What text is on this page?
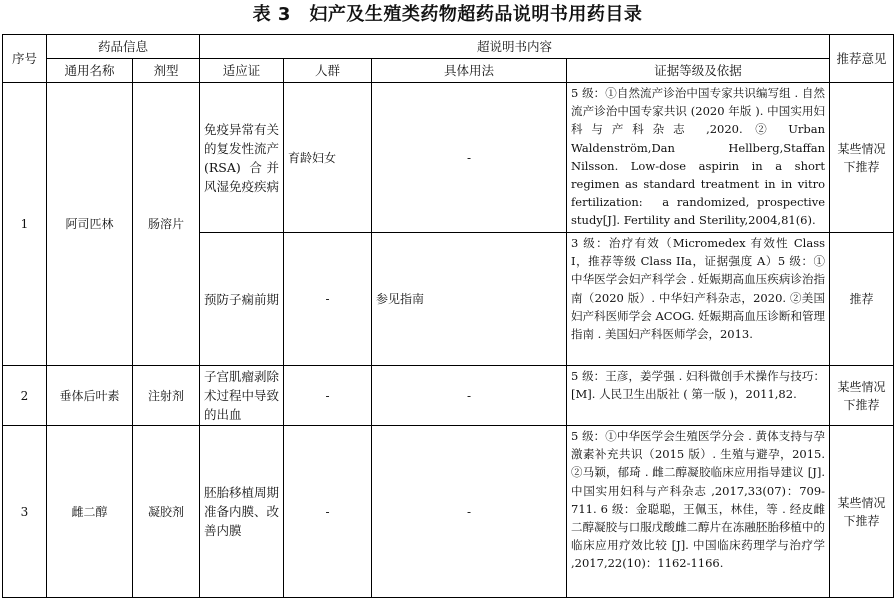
表 3　妇产及生殖类药物超药品说明书用药目录
序号	药品信息		超说明书内容				推荐意见
	通用名称	剂型	适应证	人群	具体用法	证据等级及依据	
1	阿司匹林	肠溶片	免疫异常有关的复发性流产 (RSA) 合并风湿免疫疾病	育龄妇女	-	5 级：①自然流产诊治中国专家共识编写组 . 自然流产诊治中国专家共识 (2020 年版 ). 中国实用妇科与产科杂志 ,2020. ② Urban Waldenström,Dan Hellberg,Staffan Nilsson. Low-dose aspirin in a short regimen as standard treatment in in vitro fertilization:　a randomized, prospective study[J]. Fertility and Sterility,2004,81(6).	某些情况下推荐
			预防子痫前期	-	参见指南	3 级：治疗有效（Micromedex 有效性 Class I，推荐等级 Class IIa，证据强度 A）5 级：①中华医学会妇产科学会 . 妊娠期高血压疾病诊治指南（2020 版）. 中华妇产科杂志，2020. ②美国妇产科医师学会 ACOG. 妊娠期高血压诊断和管理指南 . 美国妇产科医师学会，2013.	推荐
2	垂体后叶素	注射剂	子宫肌瘤剥除术过程中导致的出血	-	-	5 级：王彦，姜学强 . 妇科微创手术操作与技巧：[M]. 人民卫生出版社 ( 第一版 )，2011,82.	某些情况下推荐
3	雌二醇	凝胶剂	胚胎移植周期准备内膜、改善内膜	-	-	5 级：①中华医学会生殖医学分会 . 黄体支持与孕激素补充共识（2015 版）. 生殖与避孕，2015. ②马颖，郁琦 . 雌二醇凝胶临床应用指导建议 [J]. 中国实用妇科与产科杂志 ,2017,33(07)：709-711. 6 级：金聪聪，王佩玉，林佳，等 . 经皮雌二醇凝胶与口服戊酸雌二醇片在冻融胚胎移植中的临床应用疗效比较 [J]. 中国临床药理学与治疗学 ,2017,22(10)：1162-1166.	某些情况下推荐
